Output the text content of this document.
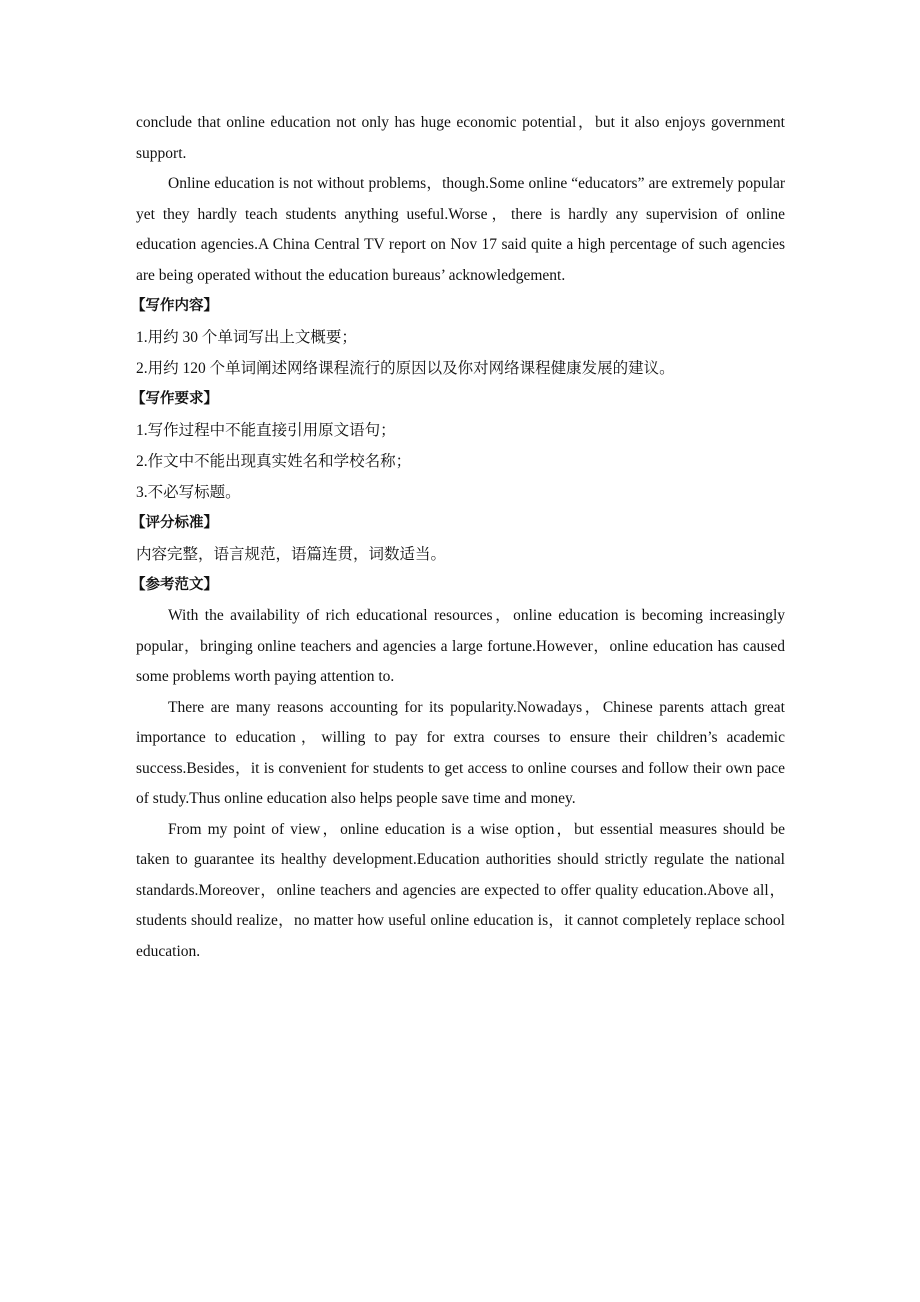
conclude that online education not only has huge economic potential，but it also enjoys government support.

Online education is not without problems，though.Some online “educators” are extremely popular yet they hardly teach students anything useful.Worse，there is hardly any supervision of online education agencies.A China Central TV report on Nov 17 said quite a high percentage of such agencies are being operated without the education bureaus’ acknowledgement.

【写作内容】

1.用约 30 个单词写出上文概要；

2.用约 120 个单词阐述网络课程流行的原因以及你对网络课程健康发展的建议。

【写作要求】

1.写作过程中不能直接引用原文语句；

2.作文中不能出现真实姓名和学校名称；

3.不必写标题。

【评分标准】

内容完整，语言规范，语篇连贯，词数适当。

【参考范文】

With the availability of rich educational resources，online education is becoming increasingly popular，bringing online teachers and agencies a large fortune.However，online education has caused some problems worth paying attention to.

There are many reasons accounting for its popularity.Nowadays，Chinese parents attach great importance to education，willing to pay for extra courses to ensure their children’s academic success.Besides，it is convenient for students to get access to online courses and follow their own pace of study.Thus online education also helps people save time and money.

From my point of view，online education is a wise option，but essential measures should be taken to guarantee its healthy development.Education authorities should strictly regulate the national standards.Moreover，online teachers and agencies are expected to offer quality education.Above all，students should realize，no matter how useful online education is，it cannot completely replace school education.
